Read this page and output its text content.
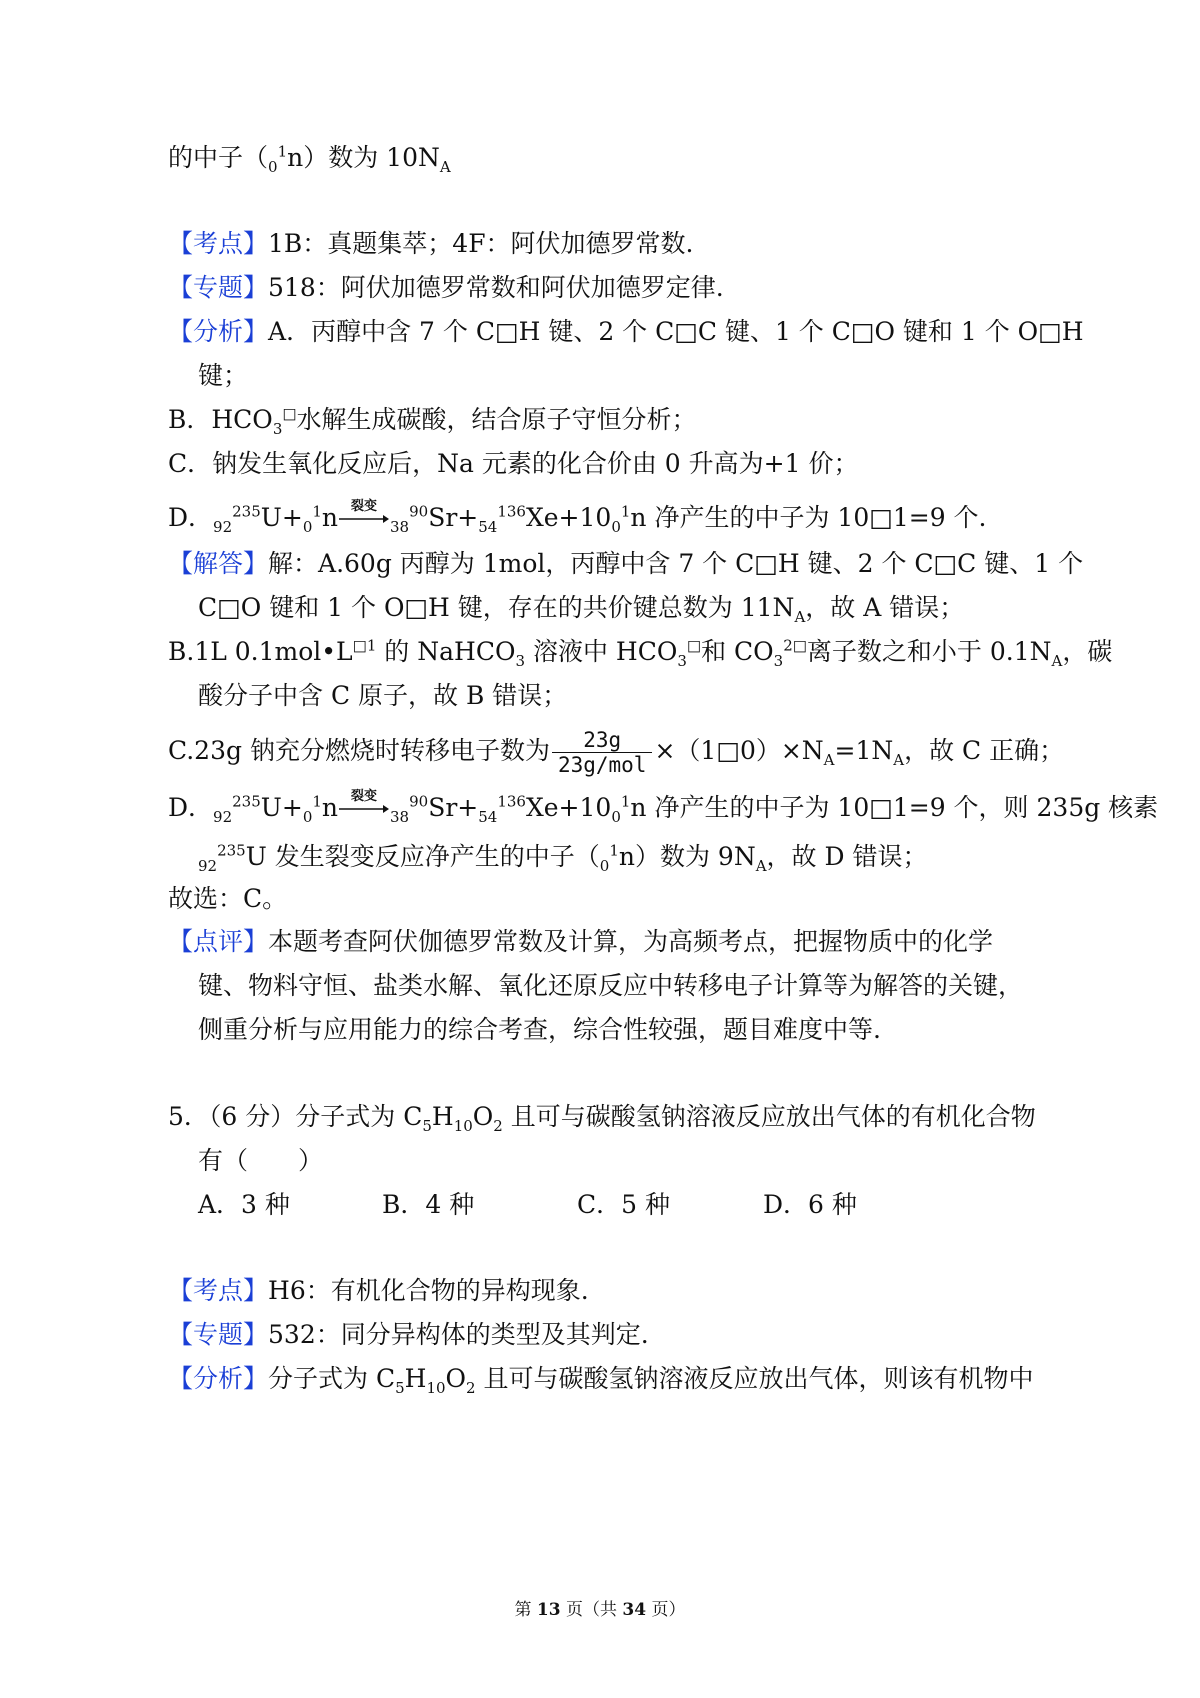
的中子$(_0^1n)$数为 $10N_A$
【考点】1B：真题集萃；4F：阿伏加德罗常数.
【专题】518：阿伏加德罗常数和阿伏加德罗定律.
【分析】A．丙醇中含 7 个 C□H 键、2 个 C□C 键、1 个 C□O 键和 1 个 O□H
键；
B．$HCO_3^□$水解生成碳酸，结合原子守恒分析；
C．钠发生氧化反应后，Na 元素的化合价由 0 升高为+1 价；
D．$_{92}^{235}U+_0^1n$ 裂变
$_{38}^{90}Sr+_{54}^{136}Xe+10_0^1n$ 净产生的中子为 10□1=9 个.
【解答】解：A.60g 丙醇为 1mol，丙醇中含 7 个 C□H 键、2 个 C□C 键、1 个
C□O 键和 1 个 O□H 键，存在的共价键总数为 $11N_A$，故 A 错误；
B.1L $0.1mol•L^{□1}$ 的 NaHCO$_3$ 溶液中 $HCO_3^□$和 $CO_3^{2□}$离子数之和小于 $0.1N_A$，碳
酸分子中含 C 原子，故 B 错误；
C.23g 钠充分燃烧时转移电子数为 $\frac{23g}{\text{23g/mol}}$ $\times(1□0)\times N_A=1N_A$，故 C 正确；
D．$_{92}^{235}U+_0^1n$ 裂变
$_{38}^{90}Sr+_{54}^{136}Xe+10_0^1n$ 净产生的中子为 10□1=9 个，则 235g 核素
$_{92}^{235}$U 发生裂变反应净产生的中子$(_0^1n)$数为 $9N_A$，故 D 错误；
故选：C。
【点评】本题考查阿伏伽德罗常数及计算，为高频考点，把握物质中的化学
键、物料守恒、盐类水解、氧化还原反应中转移电子计算等为解答的关键，
侧重分析与应用能力的综合考查，综合性较强，题目难度中等.
5．（6 分）分子式为 $C_5H_{10}O_2$ 且可与碳酸氢钠溶液反应放出气体的有机化合物
有（　　）
A．3 种	B．4 种	C．5 种	D．6 种
【考点】H6：有机化合物的异构现象.
【专题】532：同分异构体的类型及其判定.
【分析】分子式为 $C_5H_{10}O_2$ 且可与碳酸氢钠溶液反应放出气体，则该有机物中
第 13 页（共 34 页）
